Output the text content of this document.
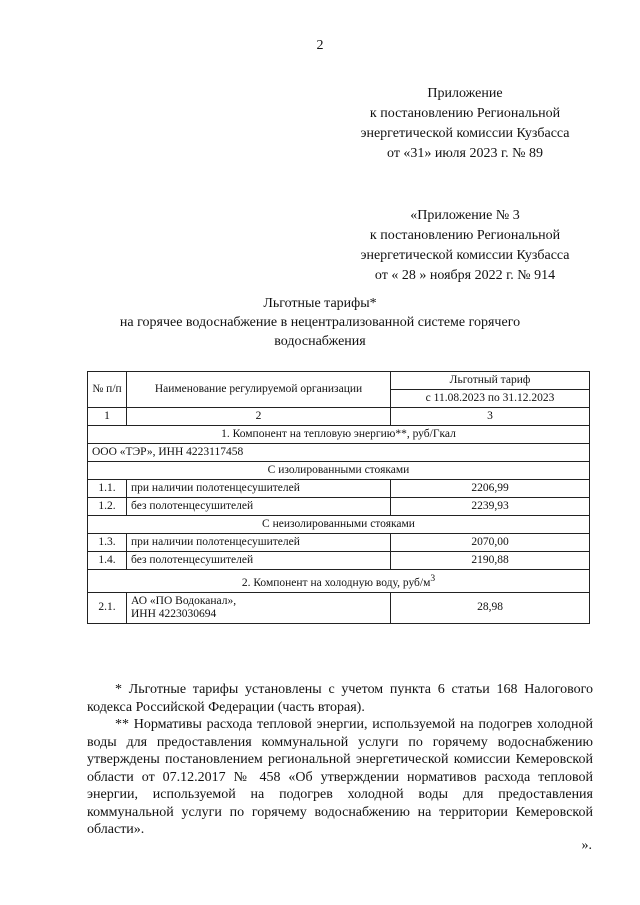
2
Приложение
к постановлению Региональной
энергетической комиссии Кузбасса
от «31» июля 2023 г. № 89
«Приложение № 3
к постановлению Региональной
энергетической комиссии Кузбасса
от « 28 » ноября 2022 г. № 914
Льготные тарифы*
на горячее водоснабжение в нецентрализованной системе горячего
водоснабжения
№ п/п	Наименование регулируемой организации	Льготный тариф
		с 11.08.2023 по 31.12.2023
1	2	3
1. Компонент на тепловую энергию**, руб/Гкал		
ООО «ТЭР», ИНН 4223117458		
С изолированными стояками		
1.1.	при наличии полотенцесушителей	2206,99
1.2.	без полотенцесушителей	2239,93
С неизолированными стояками		
1.3.	при наличии полотенцесушителей	2070,00
1.4.	без полотенцесушителей	2190,88
2. Компонент на холодную воду, руб/$м^3$
2.1.	АО «ПО Водоканал»,
ИНН 4223030694	28,98

* Льготные тарифы установлены с учетом пункта 6 статьи 168 Налогового кодекса Российской Федерации (часть вторая).

** Нормативы расхода тепловой энергии, используемой на подогрев холодной воды для предоставления коммунальной услуги по горячему водоснабжению утверждены постановлением региональной энергетической комиссии Кемеровской области от 07.12.2017 № 458 «Об утверждении нормативов расхода тепловой энергии, используемой на подогрев холодной воды для предоставления коммунальной услуги по горячему водоснабжению на территории Кемеровской области».

».
